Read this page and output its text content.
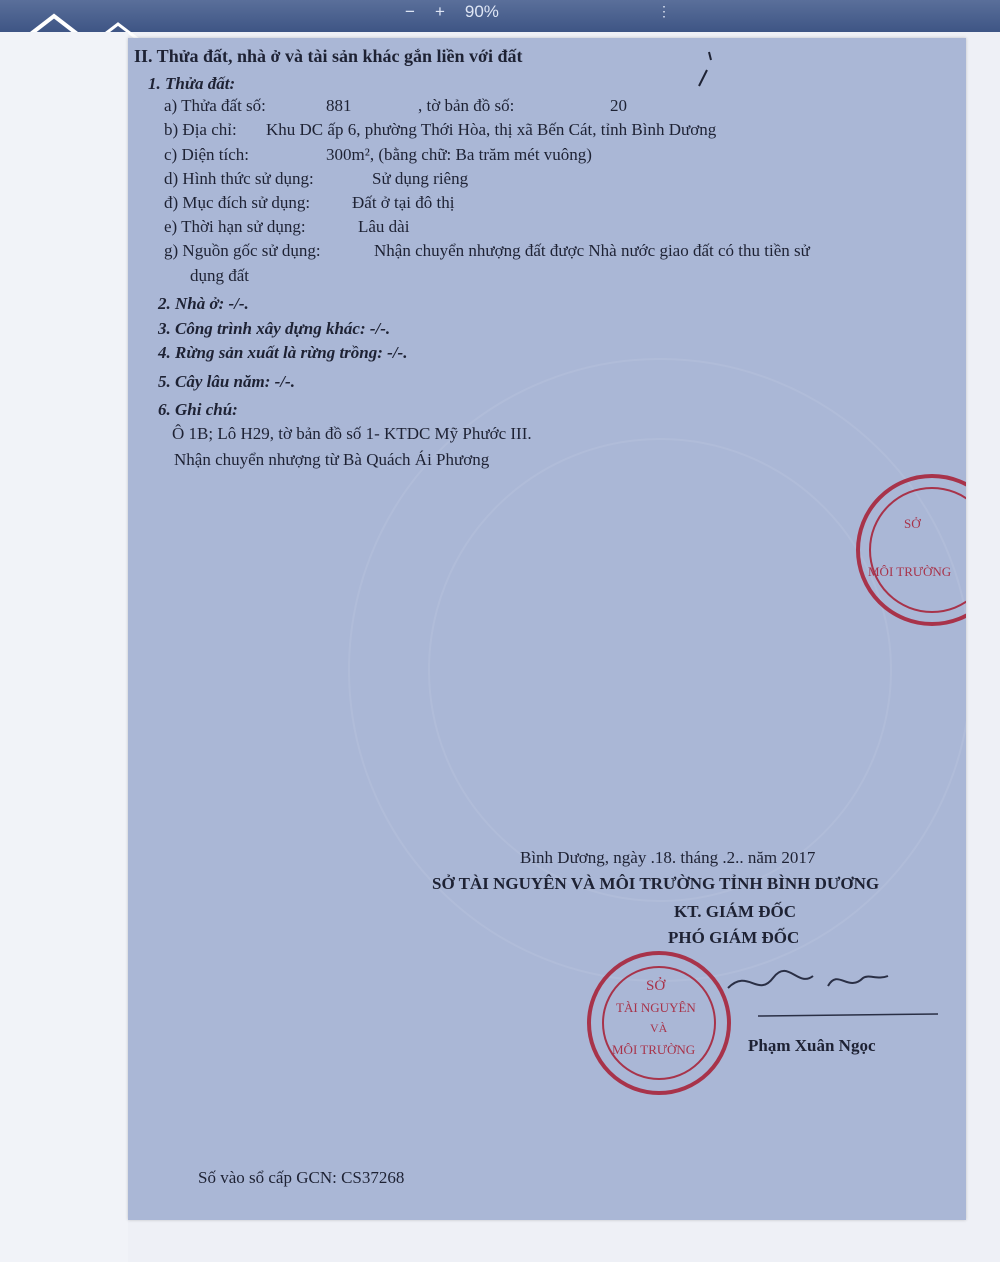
− + 90%	⋮
II. Thửa đất, nhà ở và tài sản khác gắn liền với đất
1. Thửa đất:
a) Thửa đất số:	881	, tờ bản đồ số:	20
b) Địa chỉ: Khu DC ấp 6, phường Thới Hòa, thị xã Bến Cát, tỉnh Bình Dương
c) Diện tích:	300m², (bằng chữ: Ba trăm mét vuông)
d) Hình thức sử dụng:	Sử dụng riêng
đ) Mục đích sử dụng: Đất ở tại đô thị
e) Thời hạn sử dụng:	Lâu dài
g) Nguồn gốc sử dụng:	Nhận chuyển nhượng đất được Nhà nước giao đất có thu tiền sử
dụng đất
2. Nhà ở: -/-.
3. Công trình xây dựng khác: -/-.
4. Rừng sản xuất là rừng trồng: -/-.
5. Cây lâu năm: -/-.
6. Ghi chú:
Ô 1B; Lô H29, tờ bản đồ số 1- KTDC Mỹ Phước III.
Nhận chuyển nhượng từ Bà Quách Ái Phương
SỞ
MÔI TRƯỜNG
Bình Dương, ngày .18. tháng .2.. năm 2017
SỞ TÀI NGUYÊN VÀ MÔI TRƯỜNG TỈNH BÌNH DƯƠNG
KT. GIÁM ĐỐC
PHÓ GIÁM ĐỐC
SỞ
TÀI NGUYÊN
VÀ
MÔI TRƯỜNG	Phạm Xuân Ngọc
Số vào sổ cấp GCN: CS37268
